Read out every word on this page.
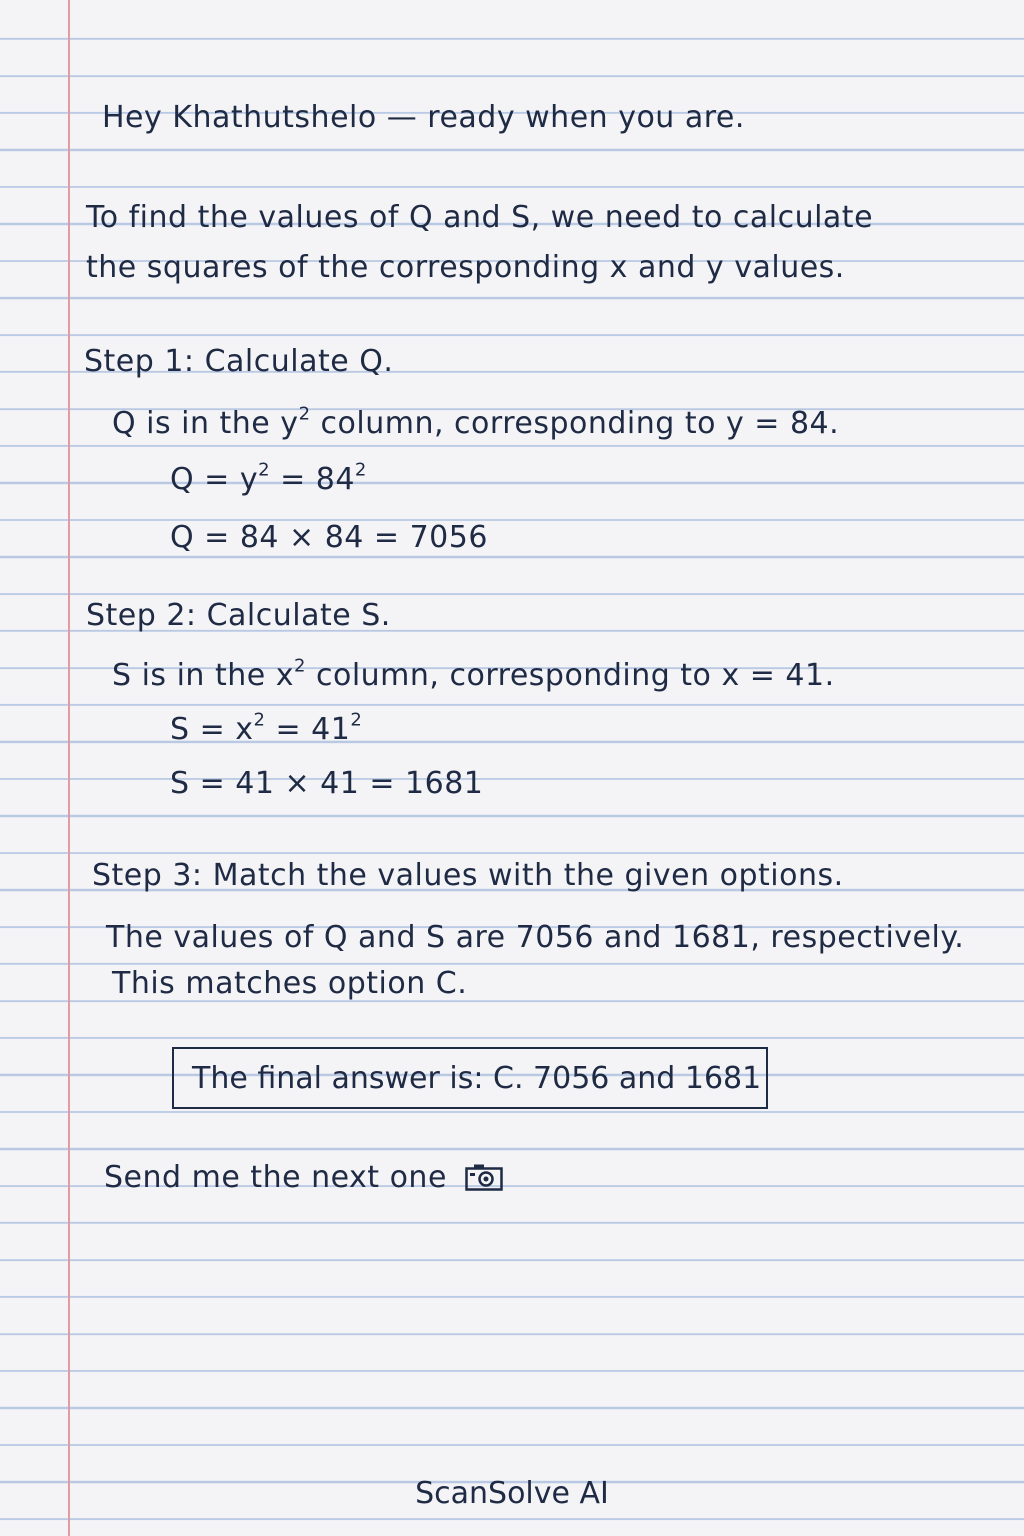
Hey Khathutshelo — ready when you are.
To find the values of Q and S, we need to calculate
the squares of the corresponding x and y values.
Step 1: Calculate Q.
Q is in the $y^2$ column, corresponding to y = 84.
$Q = y^2 = 84^2$
Q = 84 × 84 = 7056
Step 2: Calculate S.
S is in the $x^2$ column, corresponding to x = 41.
$S = x^2 = 41^2$
S = 41 × 41 = 1681
Step 3: Match the values with the given options.
The values of Q and S are 7056 and 1681, respectively.
This matches option C.
The final answer is: C. 7056 and 1681
Send me the next one
ScanSolve AI
